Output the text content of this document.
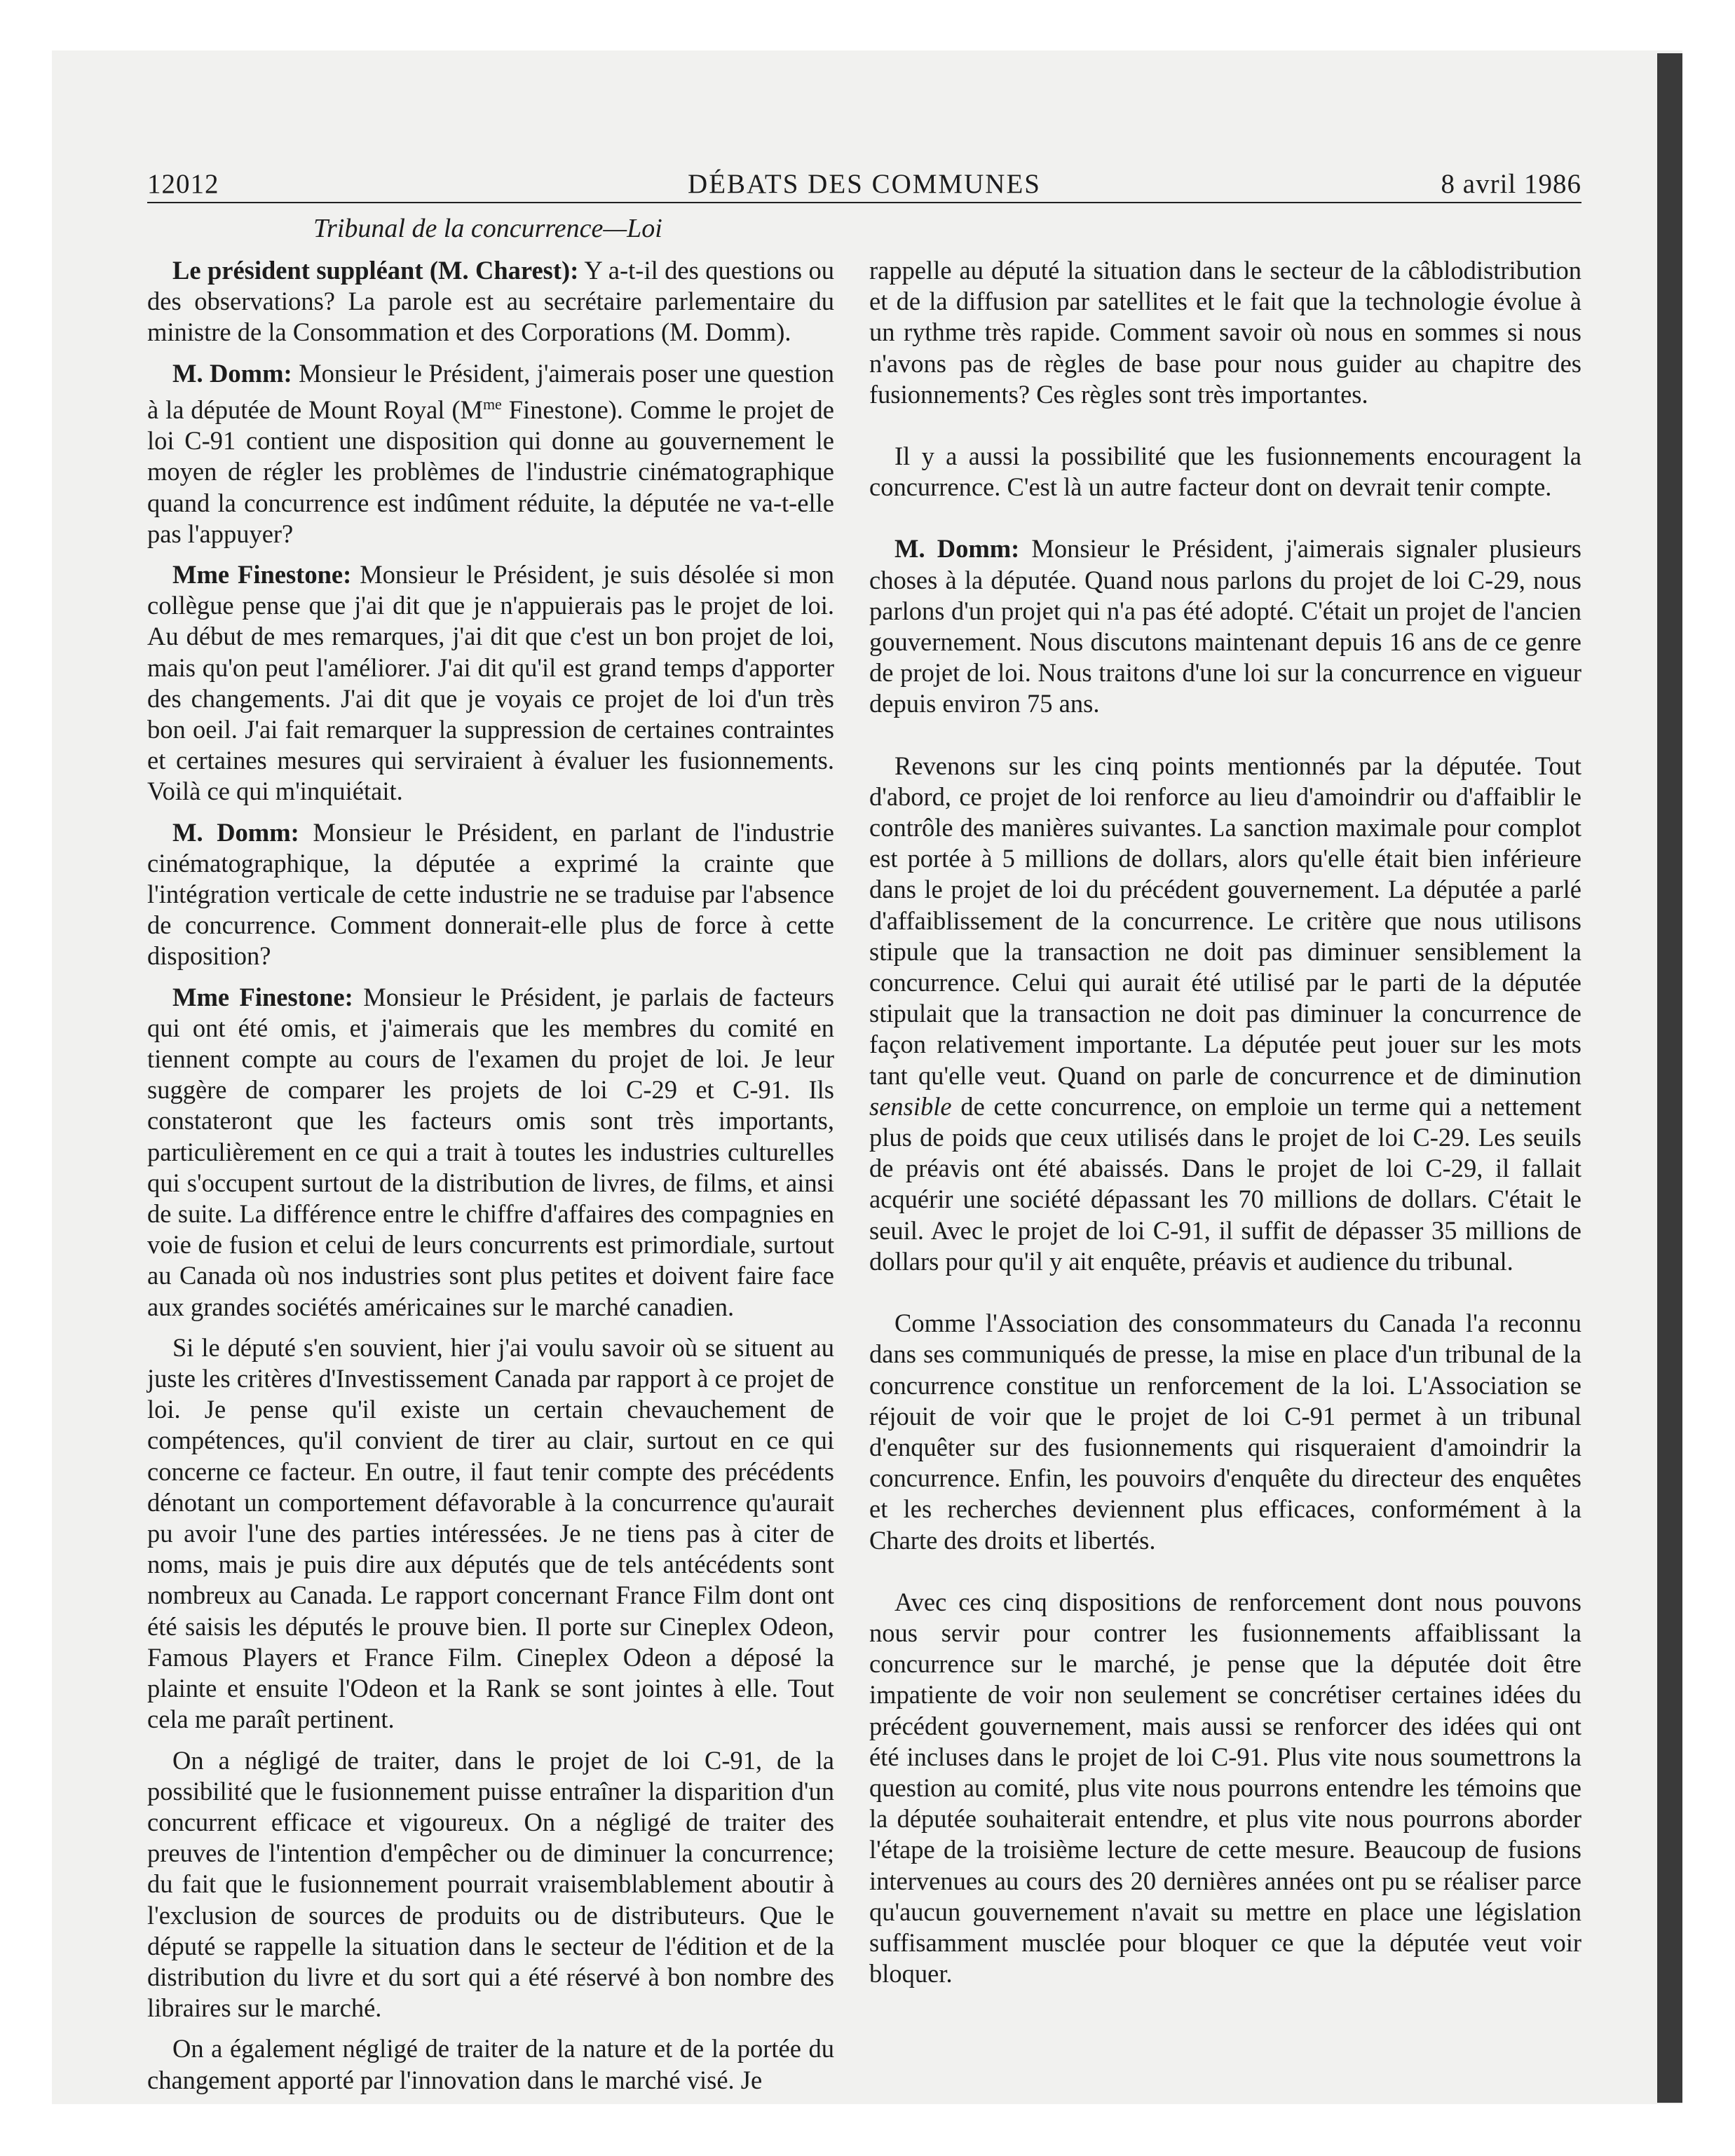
12012	DÉBATS DES COMMUNES	8 avril 1986
Tribunal de la concurrence—Loi

Le président suppléant (M. Charest): Y a-t-il des questions ou des observations? La parole est au secrétaire parlementaire du ministre de la Consommation et des Corporations (M. Domm).

M. Domm: Monsieur le Président, j'aimerais poser une question à la députée de Mount Royal ($M^{me}$ Finestone). Comme le projet de loi C-91 contient une disposition qui donne au gouvernement le moyen de régler les problèmes de l'industrie cinématographique quand la concurrence est indûment réduite, la députée ne va-t-elle pas l'appuyer?

Mme Finestone: Monsieur le Président, je suis désolée si mon collègue pense que j'ai dit que je n'appuierais pas le projet de loi. Au début de mes remarques, j'ai dit que c'est un bon projet de loi, mais qu'on peut l'améliorer. J'ai dit qu'il est grand temps d'apporter des changements. J'ai dit que je voyais ce projet de loi d'un très bon oeil. J'ai fait remarquer la suppression de certaines contraintes et certaines mesures qui serviraient à évaluer les fusionnements. Voilà ce qui m'inquiétait.

M. Domm: Monsieur le Président, en parlant de l'industrie cinématographique, la députée a exprimé la crainte que l'intégration verticale de cette industrie ne se traduise par l'absence de concurrence. Comment donnerait-elle plus de force à cette disposition?

Mme Finestone: Monsieur le Président, je parlais de facteurs qui ont été omis, et j'aimerais que les membres du comité en tiennent compte au cours de l'examen du projet de loi. Je leur suggère de comparer les projets de loi C-29 et C-91. Ils constateront que les facteurs omis sont très importants, particulièrement en ce qui a trait à toutes les industries culturelles qui s'occupent surtout de la distribution de livres, de films, et ainsi de suite. La différence entre le chiffre d'affaires des compagnies en voie de fusion et celui de leurs concurrents est primordiale, surtout au Canada où nos industries sont plus petites et doivent faire face aux grandes sociétés américaines sur le marché canadien.

Si le député s'en souvient, hier j'ai voulu savoir où se situent au juste les critères d'Investissement Canada par rapport à ce projet de loi. Je pense qu'il existe un certain chevauchement de compétences, qu'il convient de tirer au clair, surtout en ce qui concerne ce facteur. En outre, il faut tenir compte des précédents dénotant un comportement défavorable à la concurrence qu'aurait pu avoir l'une des parties intéressées. Je ne tiens pas à citer de noms, mais je puis dire aux députés que de tels antécédents sont nombreux au Canada. Le rapport concernant France Film dont ont été saisis les députés le prouve bien. Il porte sur Cineplex Odeon, Famous Players et France Film. Cineplex Odeon a déposé la plainte et ensuite l'Odeon et la Rank se sont jointes à elle. Tout cela me paraît pertinent.

On a négligé de traiter, dans le projet de loi C-91, de la possibilité que le fusionnement puisse entraîner la disparition d'un concurrent efficace et vigoureux. On a négligé de traiter des preuves de l'intention d'empêcher ou de diminuer la concurrence; du fait que le fusionnement pourrait vraisemblablement aboutir à l'exclusion de sources de produits ou de distributeurs. Que le député se rappelle la situation dans le secteur de l'édition et de la distribution du livre et du sort qui a été réservé à bon nombre des libraires sur le marché.

On a également négligé de traiter de la nature et de la portée du changement apporté par l'innovation dans le marché visé. Je

rappelle au député la situation dans le secteur de la câblodistribution et de la diffusion par satellites et le fait que la technologie évolue à un rythme très rapide. Comment savoir où nous en sommes si nous n'avons pas de règles de base pour nous guider au chapitre des fusionnements? Ces règles sont très importantes.

Il y a aussi la possibilité que les fusionnements encouragent la concurrence. C'est là un autre facteur dont on devrait tenir compte.

M. Domm: Monsieur le Président, j'aimerais signaler plusieurs choses à la députée. Quand nous parlons du projet de loi C-29, nous parlons d'un projet qui n'a pas été adopté. C'était un projet de l'ancien gouvernement. Nous discutons maintenant depuis 16 ans de ce genre de projet de loi. Nous traitons d'une loi sur la concurrence en vigueur depuis environ 75 ans.

Revenons sur les cinq points mentionnés par la députée. Tout d'abord, ce projet de loi renforce au lieu d'amoindrir ou d'affaiblir le contrôle des manières suivantes. La sanction maximale pour complot est portée à 5 millions de dollars, alors qu'elle était bien inférieure dans le projet de loi du précédent gouvernement. La députée a parlé d'affaiblissement de la concurrence. Le critère que nous utilisons stipule que la transaction ne doit pas diminuer sensiblement la concurrence. Celui qui aurait été utilisé par le parti de la députée stipulait que la transaction ne doit pas diminuer la concurrence de façon relativement importante. La députée peut jouer sur les mots tant qu'elle veut. Quand on parle de concurrence et de diminution sensible de cette concurrence, on emploie un terme qui a nettement plus de poids que ceux utilisés dans le projet de loi C-29. Les seuils de préavis ont été abaissés. Dans le projet de loi C-29, il fallait acquérir une société dépassant les 70 millions de dollars. C'était le seuil. Avec le projet de loi C-91, il suffit de dépasser 35 millions de dollars pour qu'il y ait enquête, préavis et audience du tribunal.

Comme l'Association des consommateurs du Canada l'a reconnu dans ses communiqués de presse, la mise en place d'un tribunal de la concurrence constitue un renforcement de la loi. L'Association se réjouit de voir que le projet de loi C-91 permet à un tribunal d'enquêter sur des fusionnements qui risqueraient d'amoindrir la concurrence. Enfin, les pouvoirs d'enquête du directeur des enquêtes et les recherches deviennent plus efficaces, conformément à la Charte des droits et libertés.

Avec ces cinq dispositions de renforcement dont nous pouvons nous servir pour contrer les fusionnements affaiblissant la concurrence sur le marché, je pense que la députée doit être impatiente de voir non seulement se concrétiser certaines idées du précédent gouvernement, mais aussi se renforcer des idées qui ont été incluses dans le projet de loi C-91. Plus vite nous soumettrons la question au comité, plus vite nous pourrons entendre les témoins que la députée souhaiterait entendre, et plus vite nous pourrons aborder l'étape de la troisième lecture de cette mesure. Beaucoup de fusions intervenues au cours des 20 dernières années ont pu se réaliser parce qu'aucun gouvernement n'avait su mettre en place une législation suffisamment musclée pour bloquer ce que la députée veut voir bloquer.
